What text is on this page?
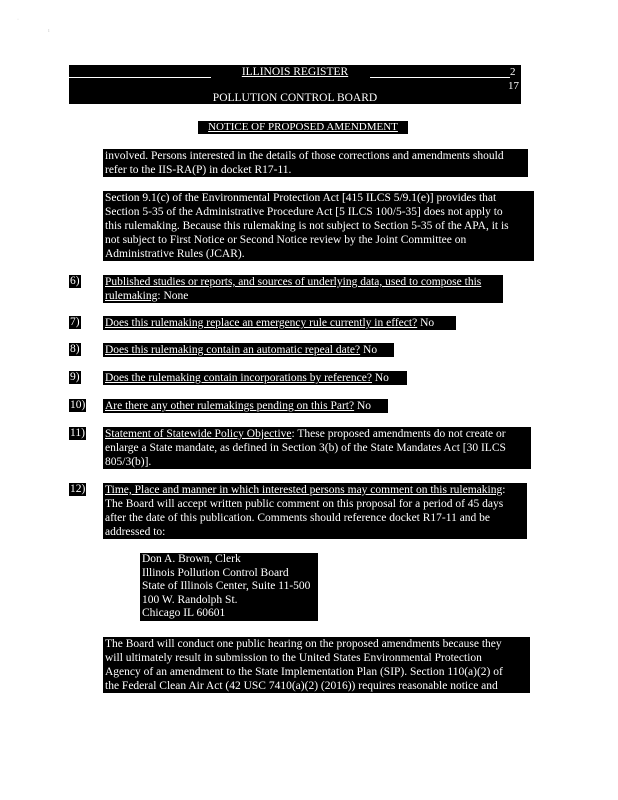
·
ı
ILLINOIS REGISTER	2
17
POLLUTION CONTROL BOARD
NOTICE OF PROPOSED AMENDMENT
involved. Persons interested in the details of those corrections and amendments should
refer to the IIS-RA(P) in docket R17-11.
Section 9.1(c) of the Environmental Protection Act [415 ILCS 5/9.1(e)] provides that
Section 5-35 of the Administrative Procedure Act [5 ILCS 100/5-35] does not apply to
this rulemaking. Because this rulemaking is not subject to Section 5-35 of the APA, it is
not subject to First Notice or Second Notice review by the Joint Committee on
Administrative Rules (JCAR).
6) Published studies or reports, and sources of underlying data, used to compose this
rulemaking: None
7) Does this rulemaking replace an emergency rule currently in effect? No
8) Does this rulemaking contain an automatic repeal date? No
9) Does the rulemaking contain incorporations by reference? No
10) Are there any other rulemakings pending on this Part? No
11) Statement of Statewide Policy Objective: These proposed amendments do not create or
enlarge a State mandate, as defined in Section 3(b) of the State Mandates Act [30 ILCS
805/3(b)].
12) Time, Place and manner in which interested persons may comment on this rulemaking:
The Board will accept written public comment on this proposal for a period of 45 days
after the date of this publication. Comments should reference docket R17-11 and be
addressed to:
Don A. Brown, Clerk
Illinois Pollution Control Board
State of Illinois Center, Suite 11-500
100 W. Randolph St.
Chicago IL 60601
The Board will conduct one public hearing on the proposed amendments because they
will ultimately result in submission to the United States Environmental Protection
Agency of an amendment to the State Implementation Plan (SIP). Section 110(a)(2) of
the Federal Clean Air Act (42 USC 7410(a)(2) (2016)) requires reasonable notice and
